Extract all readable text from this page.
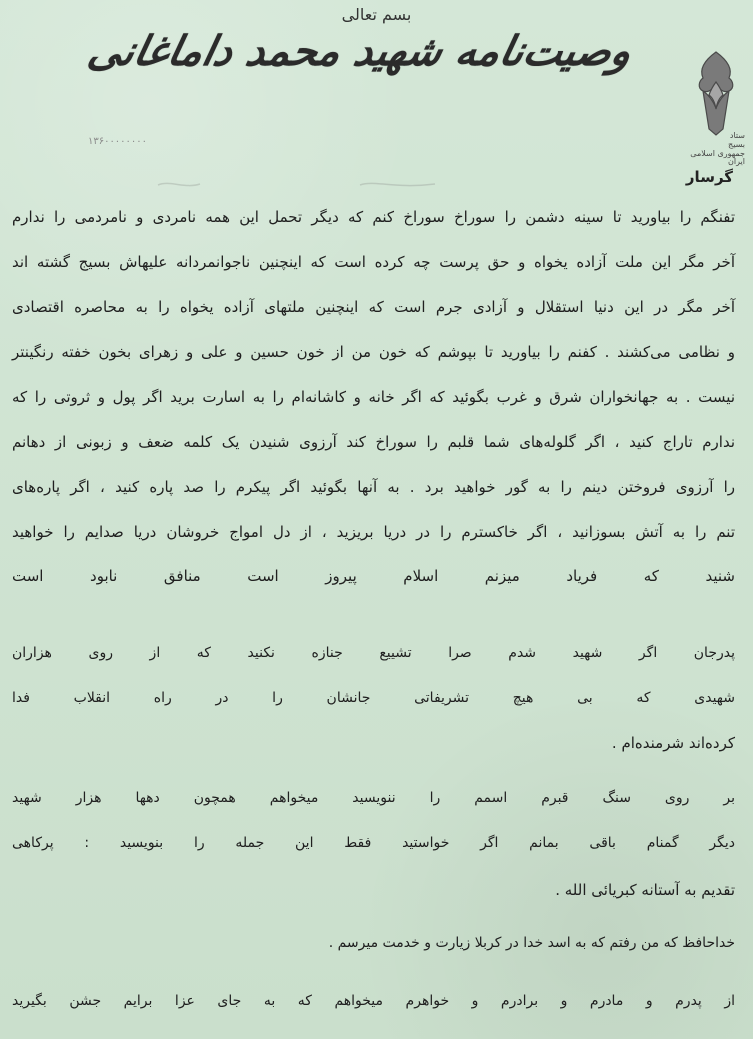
بسم تعالی
وصیت‌نامه شهید محمد داماغانی
ستاد
بسیج
جمهوری اسلامی
ایران
۱۳۶۰۰۰۰۰۰۰۰
گرسار
تفنگم را بیاورید تا سینه دشمن را سوراخ سوراخ کنم که دیگر تحمل این همه نامردی و نامردمی را ندارم
آخر مگر این ملت آزاده یخواه و حق پرست چه کرده است که اینچنین ناجوانمردانه علیهاش بسیج گشته اند
آخر مگر در این دنیا استقلال و آزادی جرم است که اینچنین ملتهای آزاده یخواه را به محاصره اقتصادی
و نظامی می‌کشند . کفنم را بیاورید تا بپوشم که خون من از خون حسین و علی و زهرای بخون خفته رنگینتر
نیست . به جهانخواران شرق و غرب بگوئید که اگر خانه و کاشانه‌ام را به اسارت برید اگر پول و ثروتی را که
ندارم تاراج کنید ، اگر گلوله‌های شما قلبم را سوراخ کند آرزوی شنیدن یک کلمه ضعف و زبونی از دهانم
را آرزوی فروختن دینم را به گور خواهید برد . به آنها بگوئید اگر پیکرم را صد پاره کنید ، اگر پاره‌های
تنم را به آتش بسوزانید ، اگر خاکسترم را در دریا بریزید ، از دل امواج خروشان دریا صدایم را خواهید
شنید که فریاد میزنم اسلام پیروز است منافق نابود است
پدرجان اگر شهید شدم صرا تشییع جنازه نکنید که از روی هزاران
شهیدی که بی هیچ تشریفاتی جانشان را در راه انقلاب فدا
کرده‌اند شرمنده‌ام .
بر روی سنگ قبرم اسمم را ننویسید میخواهم همچون دهها هزار شهید
دیگر گمنام باقی بمانم اگر خواستید فقط این جمله را بنویسید : پرکاهی
تقدیم به آستانه کبریائی الله .
خداحافظ که من رفتم که به اسد خدا در کربلا زیارت و خدمت میرسم .
از پدرم و مادرم و برادرم و خواهرم میخواهم که به جای عزا برایم جشن بگیرید
